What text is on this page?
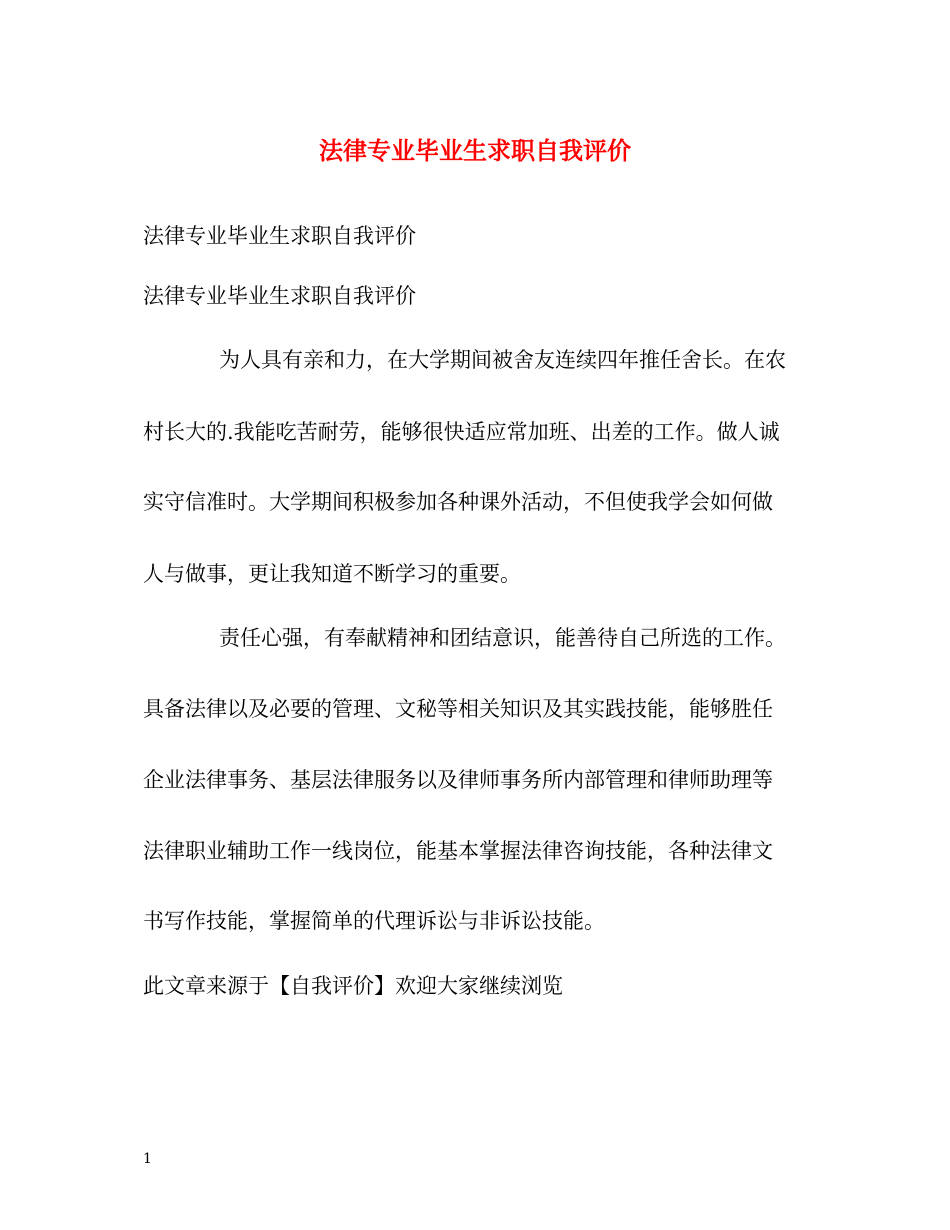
法律专业毕业生求职自我评价

法律专业毕业生求职自我评价

法律专业毕业生求职自我评价

为人具有亲和力，在大学期间被舍友连续四年推任舍长。在农

村长大的.我能吃苦耐劳，能够很快适应常加班、出差的工作。做人诚

实守信准时。大学期间积极参加各种课外活动，不但使我学会如何做

人与做事，更让我知道不断学习的重要。

责任心强，有奉献精神和团结意识，能善待自己所选的工作。

具备法律以及必要的管理、文秘等相关知识及其实践技能，能够胜任

企业法律事务、基层法律服务以及律师事务所内部管理和律师助理等

法律职业辅助工作一线岗位，能基本掌握法律咨询技能，各种法律文

书写作技能，掌握简单的代理诉讼与非诉讼技能。

此文章来源于【自我评价】欢迎大家继续浏览

1
